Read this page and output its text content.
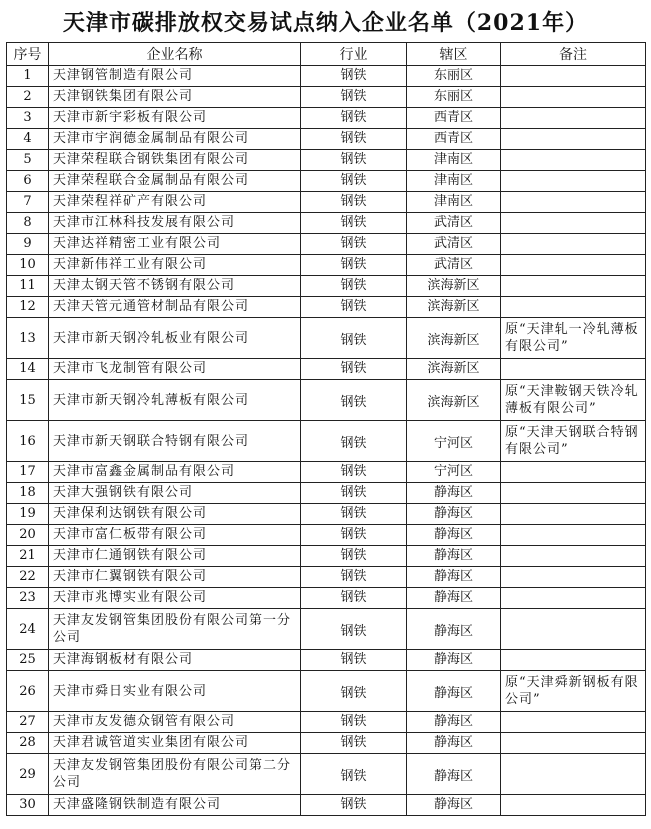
天津市碳排放权交易试点纳入企业名单（2021年）
序号	企业名称	行业	辖区	备注
1	天津钢管制造有限公司	钢铁	东丽区	
2	天津钢铁集团有限公司	钢铁	东丽区	
3	天津市新宇彩板有限公司	钢铁	西青区	
4	天津市宇润德金属制品有限公司	钢铁	西青区	
5	天津荣程联合钢铁集团有限公司	钢铁	津南区	
6	天津荣程联合金属制品有限公司	钢铁	津南区	
7	天津荣程祥矿产有限公司	钢铁	津南区	
8	天津市江林科技发展有限公司	钢铁	武清区	
9	天津达祥精密工业有限公司	钢铁	武清区	
10	天津新伟祥工业有限公司	钢铁	武清区	
11	天津太钢天管不锈钢有限公司	钢铁	滨海新区	
12	天津天管元通管材制品有限公司	钢铁	滨海新区	
13	天津市新天钢冷轧板业有限公司	钢铁	滨海新区	原“天津轧一冷轧薄板有限公司”
14	天津市飞龙制管有限公司	钢铁	滨海新区	
15	天津市新天钢冷轧薄板有限公司	钢铁	滨海新区	原“天津鞍钢天铁冷轧薄板有限公司”
16	天津市新天钢联合特钢有限公司	钢铁	宁河区	原“天津天钢联合特钢有限公司”
17	天津市富鑫金属制品有限公司	钢铁	宁河区	
18	天津大强钢铁有限公司	钢铁	静海区	
19	天津保利达钢铁有限公司	钢铁	静海区	
20	天津市富仁板带有限公司	钢铁	静海区	
21	天津市仁通钢铁有限公司	钢铁	静海区	
22	天津市仁翼钢铁有限公司	钢铁	静海区	
23	天津市兆博实业有限公司	钢铁	静海区	
24	天津友发钢管集团股份有限公司第一分公司	钢铁	静海区	
25	天津海钢板材有限公司	钢铁	静海区	
26	天津市舜日实业有限公司	钢铁	静海区	原“天津舜新钢板有限公司”
27	天津市友发德众钢管有限公司	钢铁	静海区	
28	天津君诚管道实业集团有限公司	钢铁	静海区	
29	天津友发钢管集团股份有限公司第二分公司	钢铁	静海区	
30	天津盛隆钢铁制造有限公司	钢铁	静海区	
